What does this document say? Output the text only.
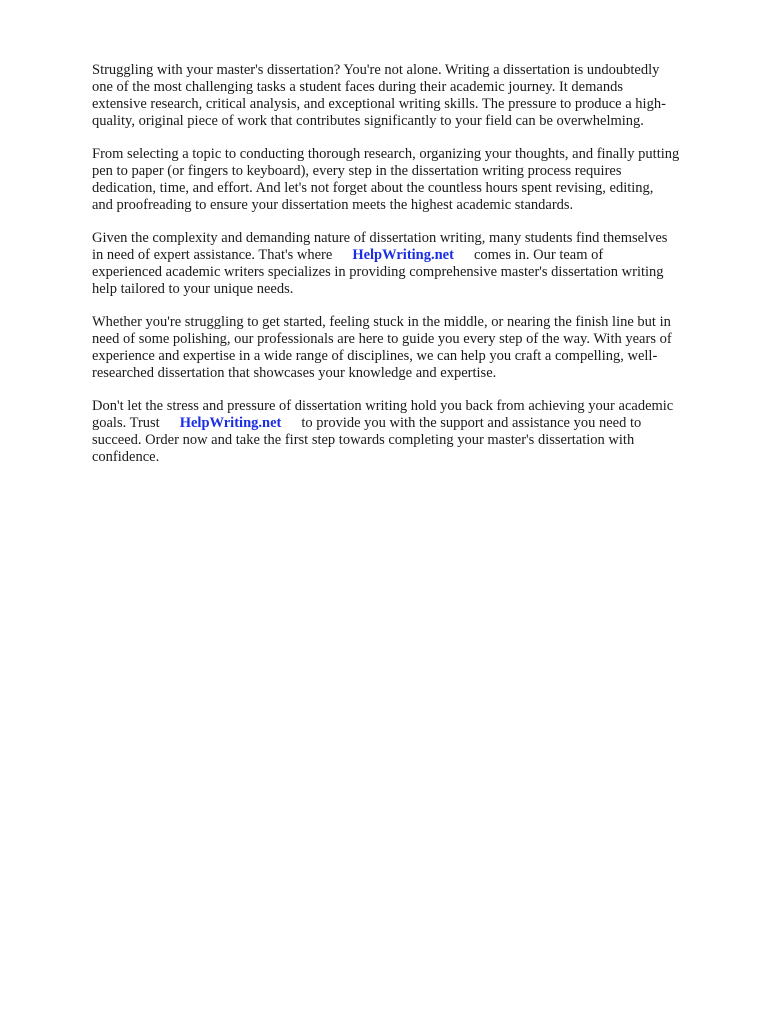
Struggling with your master's dissertation? You're not alone. Writing a dissertation is undoubtedly
one of the most challenging tasks a student faces during their academic journey. It demands
extensive research, critical analysis, and exceptional writing skills. The pressure to produce a high-
quality, original piece of work that contributes significantly to your field can be overwhelming.

From selecting a topic to conducting thorough research, organizing your thoughts, and finally putting
pen to paper (or fingers to keyboard), every step in the dissertation writing process requires
dedication, time, and effort. And let's not forget about the countless hours spent revising, editing,
and proofreading to ensure your dissertation meets the highest academic standards.

Given the complexity and demanding nature of dissertation writing, many students find themselves
in need of expert assistance. That's where HelpWriting.net comes in. Our team of
experienced academic writers specializes in providing comprehensive master's dissertation writing
help tailored to your unique needs.

Whether you're struggling to get started, feeling stuck in the middle, or nearing the finish line but in
need of some polishing, our professionals are here to guide you every step of the way. With years of
experience and expertise in a wide range of disciplines, we can help you craft a compelling, well-
researched dissertation that showcases your knowledge and expertise.

Don't let the stress and pressure of dissertation writing hold you back from achieving your academic
goals. Trust HelpWriting.net to provide you with the support and assistance you need to
succeed. Order now and take the first step towards completing your master's dissertation with
confidence.
